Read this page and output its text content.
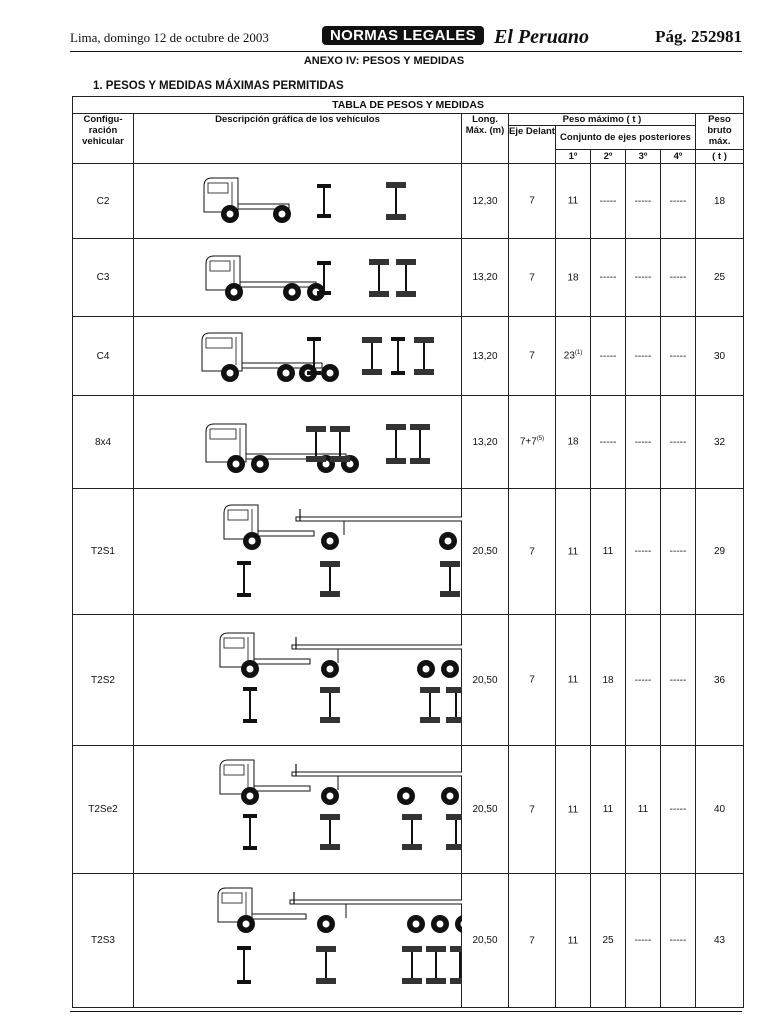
Lima, domingo 12 de octubre de 2003	NORMAS LEGALES El Peruano	Pág. 252981
ANEXO IV: PESOS Y MEDIDAS
1. PESOS Y MEDIDAS MÁXIMAS PERMITIDAS
TABLA DE PESOS Y MEDIDAS								
Configu- ración vehicular	Descripción gráfica de los vehículos	Long. Máx. (m)	Peso máximo ( t )					Peso bruto máx.
			Eje Delant	Conjunto de ejes posteriores				
				1º	2º	3º	4º	( t )
C2		12,30	7	11	-----	-----	-----	18
C3		13,20	7	18	-----	-----	-----	25
C4		13,20	7	23$^{(1)}$	-----	-----	-----	30
8x4		13,20	$7+7^{(5)}$	18	-----	-----	-----	32
T2S1		20,50	7	11	11	-----	-----	29
T2S2		20,50	7	11	18	-----	-----	36
T2Se2		20,50	7	11	11	11	-----	40
T2S3		20,50	7	11	25	-----	-----	43
